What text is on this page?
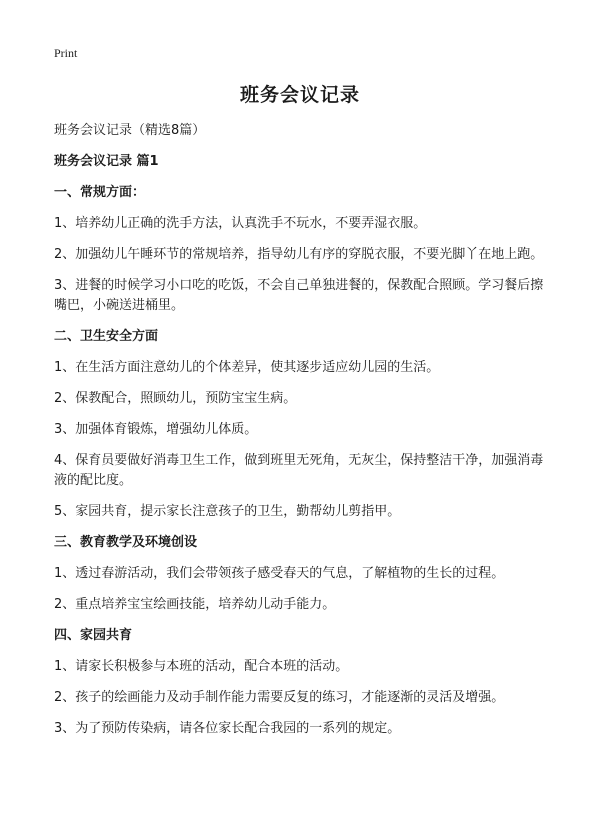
Print
班务会议记录

班务会议记录（精选8篇）

班务会议记录 篇1

一、常规方面：

1、培养幼儿正确的洗手方法，认真洗手不玩水，不要弄湿衣服。

2、加强幼儿午睡环节的常规培养，指导幼儿有序的穿脱衣服，不要光脚丫在地上跑。

3、进餐的时候学习小口吃的吃饭，不会自己单独进餐的，保教配合照顾。学习餐后擦嘴巴，小碗送进桶里。

二、卫生安全方面

1、在生活方面注意幼儿的个体差异，使其逐步适应幼儿园的生活。

2、保教配合，照顾幼儿，预防宝宝生病。

3、加强体育锻炼，增强幼儿体质。

4、保育员要做好消毒卫生工作，做到班里无死角，无灰尘，保持整洁干净，加强消毒液的配比度。

5、家园共育，提示家长注意孩子的卫生，勤帮幼儿剪指甲。

三、教育教学及环境创设

1、透过春游活动，我们会带领孩子感受春天的气息，了解植物的生长的过程。

2、重点培养宝宝绘画技能，培养幼儿动手能力。

四、家园共育

1、请家长积极参与本班的活动，配合本班的活动。

2、孩子的绘画能力及动手制作能力需要反复的练习，才能逐渐的灵活及增强。

3、为了预防传染病，请各位家长配合我园的一系列的规定。
